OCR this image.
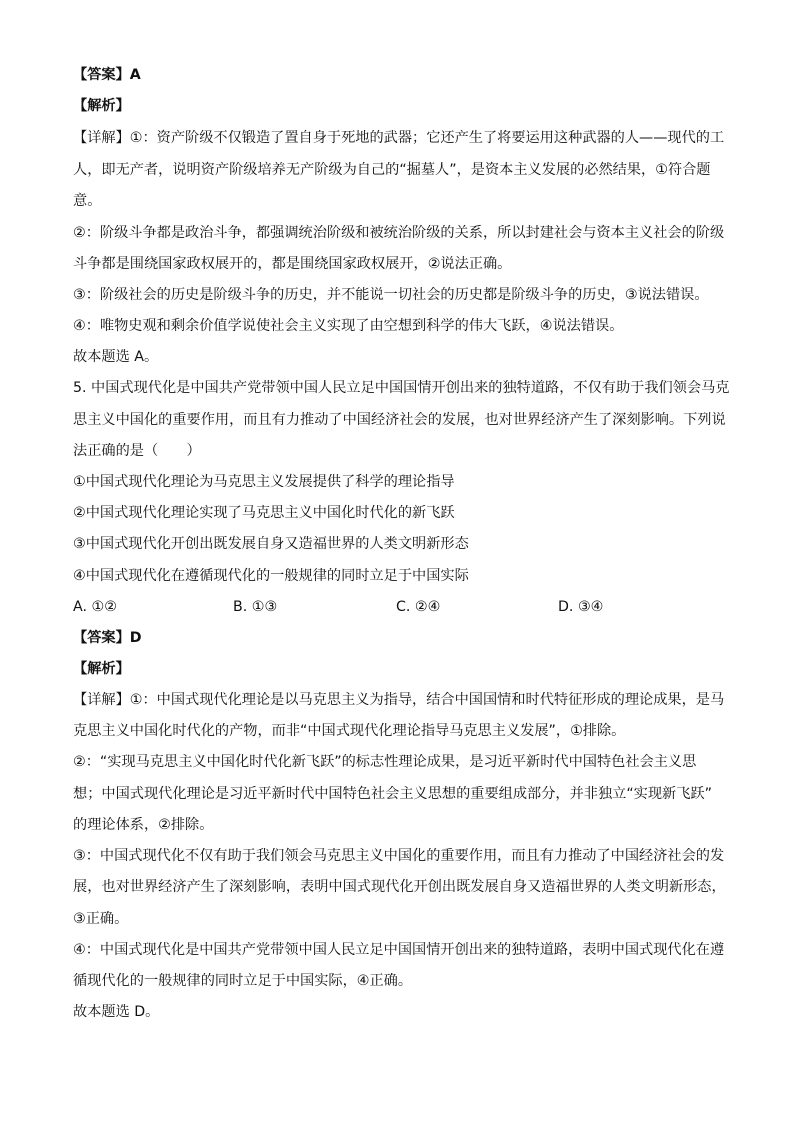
【答案】A
【解析】
【详解】①：资产阶级不仅锻造了置自身于死地的武器；它还产生了将要运用这种武器的人——现代的工
人，即无产者，说明资产阶级培养无产阶级为自己的“掘墓人”，是资本主义发展的必然结果，①符合题
意。
②：阶级斗争都是政治斗争，都强调统治阶级和被统治阶级的关系，所以封建社会与资本主义社会的阶级
斗争都是围绕国家政权展开的，都是围绕国家政权展开，②说法正确。
③：阶级社会的历史是阶级斗争的历史，并不能说一切社会的历史都是阶级斗争的历史，③说法错误。
④：唯物史观和剩余价值学说使社会主义实现了由空想到科学的伟大飞跃，④说法错误。
故本题选 A。
5. 中国式现代化是中国共产党带领中国人民立足中国国情开创出来的独特道路，不仅有助于我们领会马克
思主义中国化的重要作用，而且有力推动了中国经济社会的发展，也对世界经济产生了深刻影响。下列说
法正确的是（　　）
①中国式现代化理论为马克思主义发展提供了科学的理论指导
②中国式现代化理论实现了马克思主义中国化时代化的新飞跃
③中国式现代化开创出既发展自身又造福世界的人类文明新形态
④中国式现代化在遵循现代化的一般规律的同时立足于中国实际
A. ①②	B. ①③	C. ②④	D. ③④
【答案】D
【解析】
【详解】①：中国式现代化理论是以马克思主义为指导，结合中国国情和时代特征形成的理论成果，是马
克思主义中国化时代化的产物，而非“中国式现代化理论指导马克思主义发展”，①排除。
②：“实现马克思主义中国化时代化新飞跃”的标志性理论成果，是习近平新时代中国特色社会主义思
想；中国式现代化理论是习近平新时代中国特色社会主义思想的重要组成部分，并非独立“实现新飞跃”
的理论体系，②排除。
③：中国式现代化不仅有助于我们领会马克思主义中国化的重要作用，而且有力推动了中国经济社会的发
展，也对世界经济产生了深刻影响，表明中国式现代化开创出既发展自身又造福世界的人类文明新形态，
③正确。
④：中国式现代化是中国共产党带领中国人民立足中国国情开创出来的独特道路，表明中国式现代化在遵
循现代化的一般规律的同时立足于中国实际，④正确。
故本题选 D。
